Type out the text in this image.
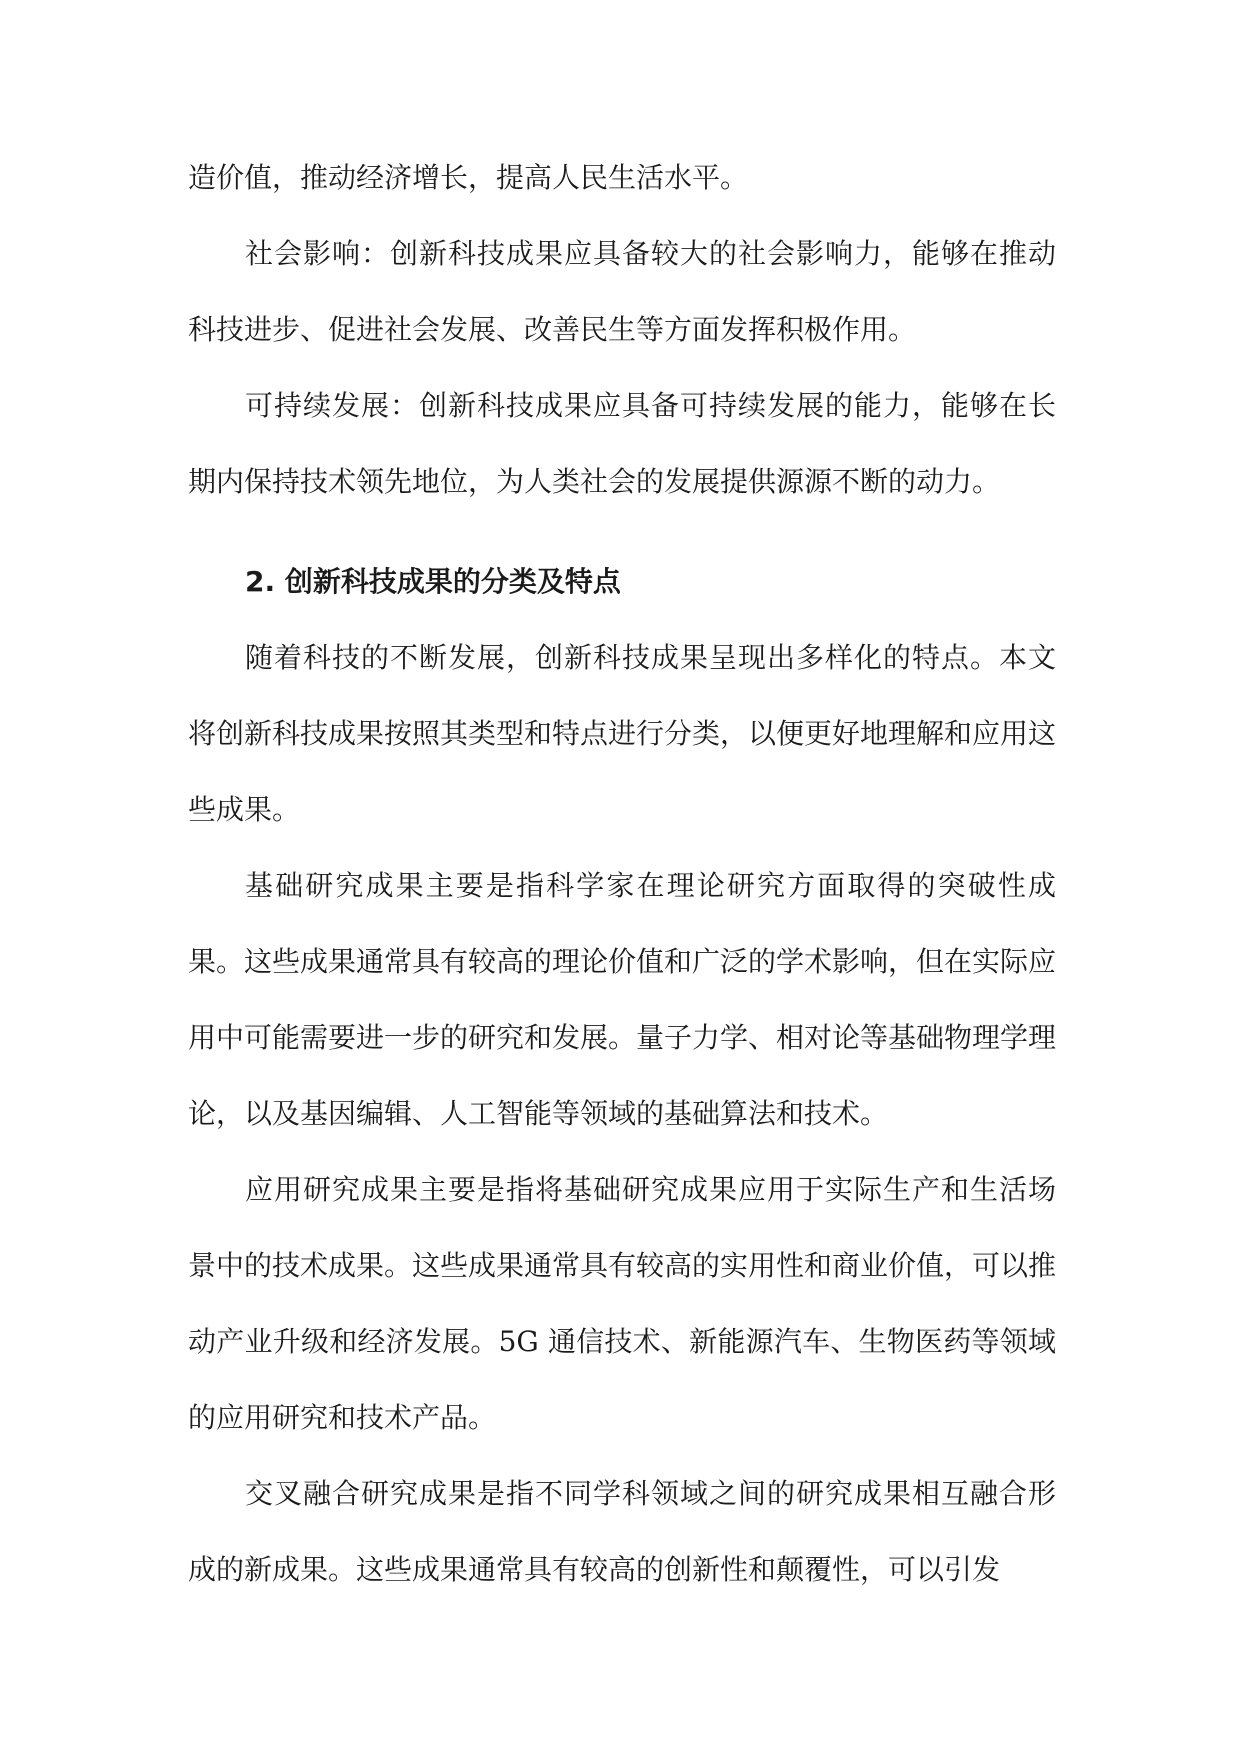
造价值，推动经济增长，提高人民生活水平。

社会影响：创新科技成果应具备较大的社会影响力，能够在推动科技进步、促进社会发展、改善民生等方面发挥积极作用。

可持续发展：创新科技成果应具备可持续发展的能力，能够在长期内保持技术领先地位，为人类社会的发展提供源源不断的动力。

2. 创新科技成果的分类及特点

随着科技的不断发展，创新科技成果呈现出多样化的特点。本文将创新科技成果按照其类型和特点进行分类，以便更好地理解和应用这些成果。

基础研究成果主要是指科学家在理论研究方面取得的突破性成果。这些成果通常具有较高的理论价值和广泛的学术影响，但在实际应用中可能需要进一步的研究和发展。量子力学、相对论等基础物理学理论，以及基因编辑、人工智能等领域的基础算法和技术。

应用研究成果主要是指将基础研究成果应用于实际生产和生活场景中的技术成果。这些成果通常具有较高的实用性和商业价值，可以推动产业升级和经济发展。5G 通信技术、新能源汽车、生物医药等领域的应用研究和技术产品。

交叉融合研究成果是指不同学科领域之间的研究成果相互融合形成的新成果。这些成果通常具有较高的创新性和颠覆性，可以引发
